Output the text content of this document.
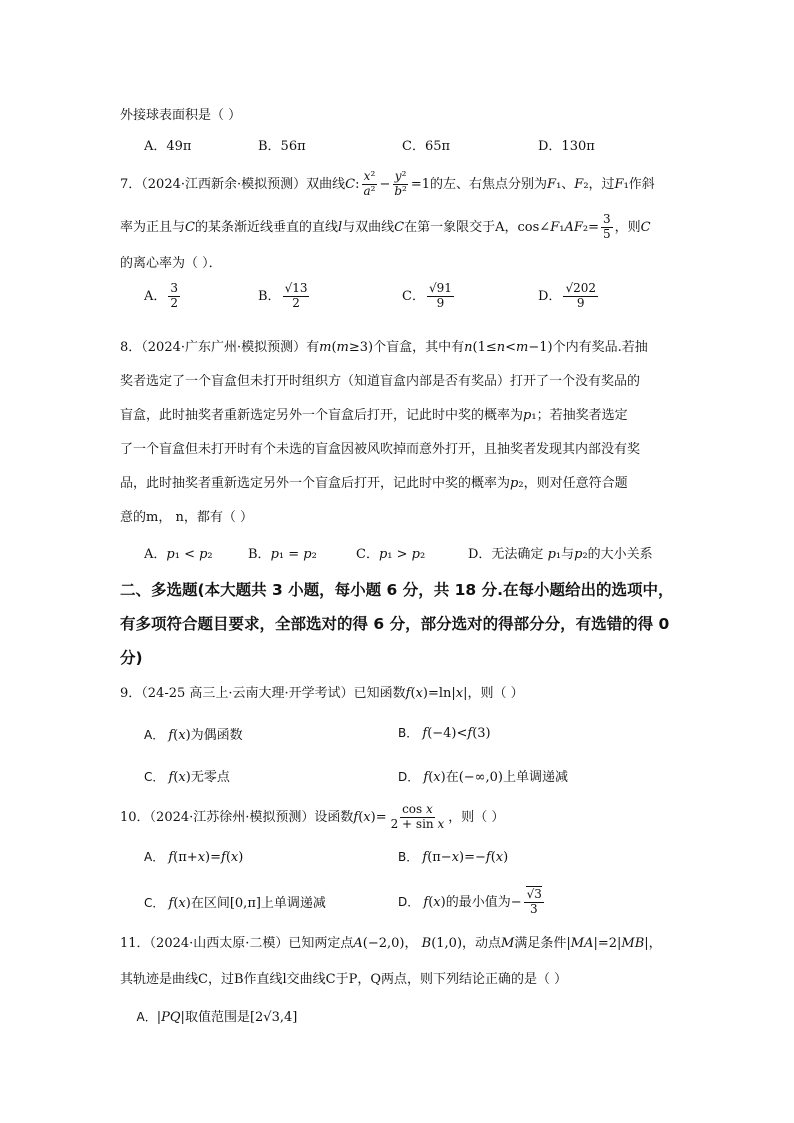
外接球表面积是（ ）
A．49π	B．56π	C．65π	D．130π
7．（2024·江西新余·模拟预测）双曲线C: $\frac{\text{x²}}{\text{a²}} - \frac{\text{y²}}{\text{b²}} =1$的左、右焦点分别为F₁、F₂，过F₁作斜
率为正且与C的某条渐近线垂直的直线l与双曲线C在第一象限交于A，cos∠F₁AF₂= $\frac{3}{5}$ ，则C
的离心率为（ ）．
A． $\frac{3}{2}$	B． $\frac{√13}{2}$	C． $\frac{√91}{9}$	D． $\frac{√202}{9}$
8．（2024·广东广州·模拟预测）有m(m≥3)个盲盒，其中有n(1≤n<m−1)个内有奖品.若抽
奖者选定了一个盲盒但未打开时组织方（知道盲盒内部是否有奖品）打开了一个没有奖品的
盲盒，此时抽奖者重新选定另外一个盲盒后打开，记此时中奖的概率为p₁；若抽奖者选定
了一个盲盒但未打开时有个未选的盲盒因被风吹掉而意外打开，且抽奖者发现其内部没有奖
品，此时抽奖者重新选定另外一个盲盒后打开，记此时中奖的概率为p₂，则对任意符合题
意的m， n，都有（ ）
A．p₁ < p₂	B．p₁ = p₂	C．p₁ > p₂	D．无法确定 p₁与p₂的大小关系
二、多选题(本大题共 3 小题，每小题 6 分，共 18 分.在每小题给出的选项中，
有多项符合题目要求，全部选对的得 6 分，部分选对的得部分分，有选错的得 0
分)
9．（24-25 高三上·云南大理·开学考试）已知函数f(x)=ln|x|，则（ ）
A． f(x)为偶函数	B． f(−4)<f(3)
C． f(x)无零点	D． f(x)在(−∞,0)上单调递减
10．（2024·江苏徐州·模拟预测）设函数$f(x)= \frac{\text{cos x}}{\text{2 + sin x}}$ ，则（ ）
A． f(π+x)=f(x)	B． f(π−x)=−f(x)
C． f(x)在区间[0,π]上单调递减	D． f(x)的最小值为− $\frac{√3}{3}$
11．（2024·山西太原·二模）已知两定点A(−2,0)， B(1,0)，动点M满足条件|MA|=2|MB|，
其轨迹是曲线C，过B作直线l交曲线C于P，Q两点，则下列结论正确的是（ ）
A．|PQ|取值范围是[2√3,4]
